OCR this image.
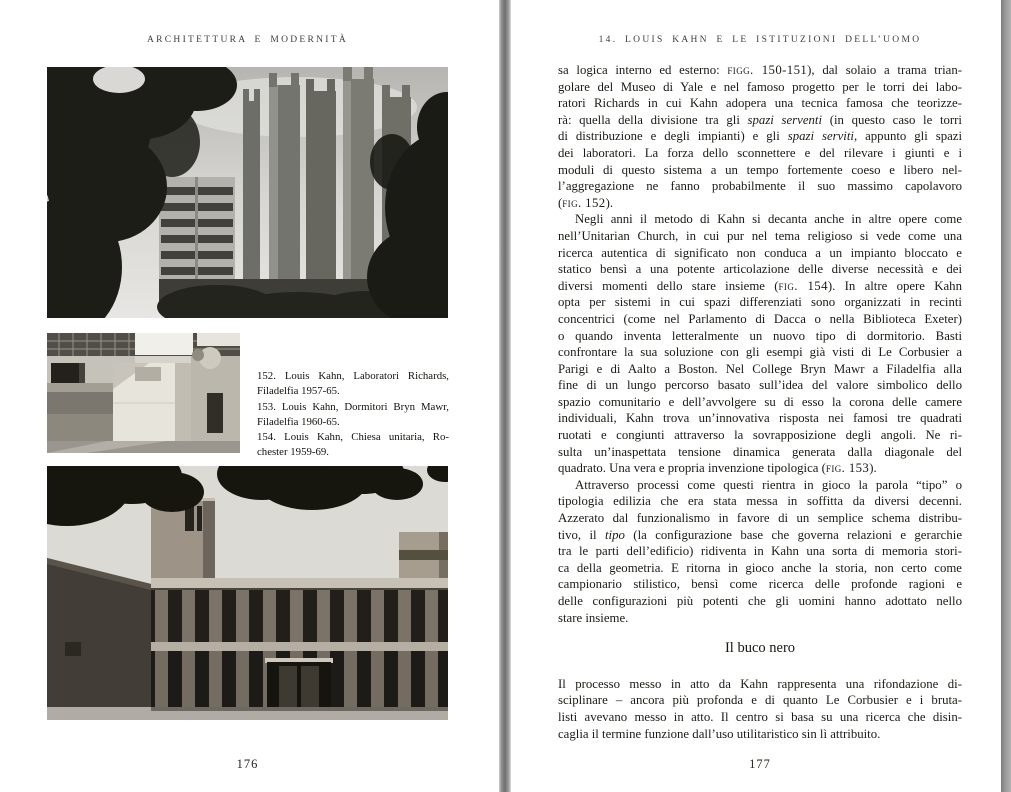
ARCHITETTURA E MODERNITÀ
152. Louis Kahn, Laboratori Richards,
Filadelfia 1957-65.
153. Louis Kahn, Dormitori Bryn Mawr,
Filadelfia 1960-65.
154. Louis Kahn, Chiesa unitaria, Ro-
chester 1959-69.
176
14. LOUIS KAHN E LE ISTITUZIONI DELL’UOMO
sa logica interno ed esterno: figg. 150-151), dal solaio a trama trian-
golare del Museo di Yale e nel famoso progetto per le torri dei labo-
ratori Richards in cui Kahn adopera una tecnica famosa che teorizze-
rà: quella della divisione tra gli spazi serventi (in questo caso le torri
di distribuzione e degli impianti) e gli spazi serviti, appunto gli spazi
dei laboratori. La forza dello sconnettere e del rilevare i giunti e i
moduli di questo sistema a un tempo fortemente coeso e libero nel-
l’aggregazione ne fanno probabilmente il suo massimo capolavoro
(fig. 152).
Negli anni il metodo di Kahn si decanta anche in altre opere come
nell’Unitarian Church, in cui pur nel tema religioso si vede come una
ricerca autentica di significato non conduca a un impianto bloccato e
statico bensì a una potente articolazione delle diverse necessità e dei
diversi momenti dello stare insieme (fig. 154). In altre opere Kahn
opta per sistemi in cui spazi differenziati sono organizzati in recinti
concentrici (come nel Parlamento di Dacca o nella Biblioteca Exeter)
o quando inventa letteralmente un nuovo tipo di dormitorio. Basti
confrontare la sua soluzione con gli esempi già visti di Le Corbusier a
Parigi e di Aalto a Boston. Nel College Bryn Mawr a Filadelfia alla
fine di un lungo percorso basato sull’idea del valore simbolico dello
spazio comunitario e dell’avvolgere su di esso la corona delle camere
individuali, Kahn trova un’innovativa risposta nei famosi tre quadrati
ruotati e congiunti attraverso la sovrapposizione degli angoli. Ne ri-
sulta un’inaspettata tensione dinamica generata dalla diagonale del
quadrato. Una vera e propria invenzione tipologica (fig. 153).
Attraverso processi come questi rientra in gioco la parola “tipo” o
tipologia edilizia che era stata messa in soffitta da diversi decenni.
Azzerato dal funzionalismo in favore di un semplice schema distribu-
tivo, il tipo (la configurazione base che governa relazioni e gerarchie
tra le parti dell’edificio) ridiventa in Kahn una sorta di memoria stori-
ca della geometria. E ritorna in gioco anche la storia, non certo come
campionario stilistico, bensì come ricerca delle profonde ragioni e
delle configurazioni più potenti che gli uomini hanno adottato nello
stare insieme.
Il buco nero
Il processo messo in atto da Kahn rappresenta una rifondazione di-
sciplinare – ancora più profonda e di quanto Le Corbusier e i bruta-
listi avevano messo in atto. Il centro si basa su una ricerca che disin-
caglia il termine funzione dall’uso utilitaristico sin lì attribuito.
177
